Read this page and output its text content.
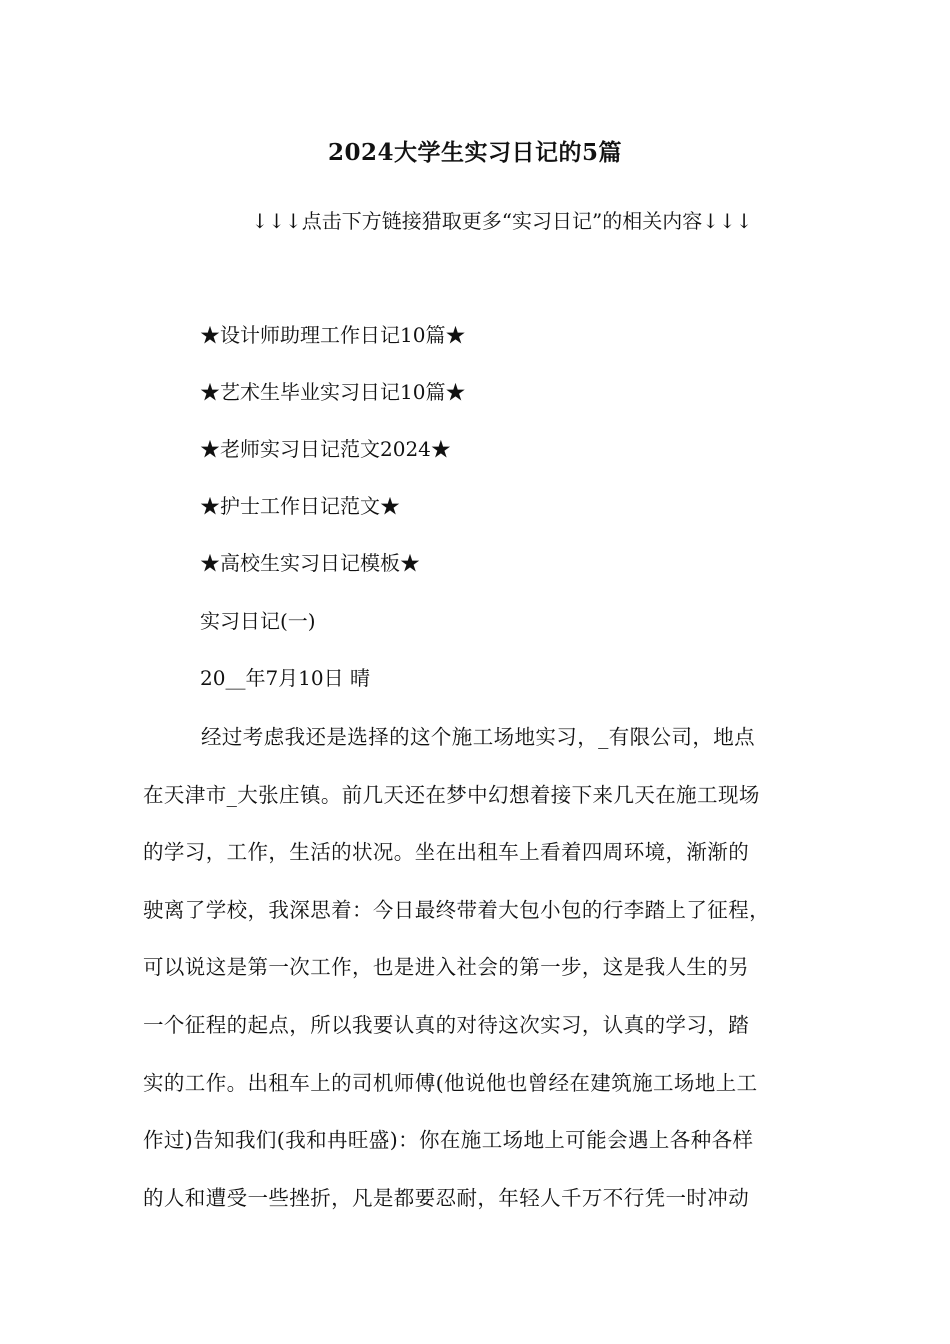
2024大学生实习日记的5篇
↓↓↓点击下方链接猎取更多“实习日记”的相关内容↓↓↓
★设计师助理工作日记10篇★
★艺术生毕业实习日记10篇★
★老师实习日记范文2024★
★护士工作日记范文★
★高校生实习日记模板★
实习日记(一)
20__年7月10日 晴
经过考虑我还是选择的这个施工场地实习，_有限公司，地点
在天津市_大张庄镇。前几天还在梦中幻想着接下来几天在施工现场
的学习，工作，生活的状况。坐在出租车上看着四周环境，渐渐的
驶离了学校，我深思着：今日最终带着大包小包的行李踏上了征程，
可以说这是第一次工作，也是进入社会的第一步，这是我人生的另
一个征程的起点，所以我要认真的对待这次实习，认真的学习，踏
实的工作。出租车上的司机师傅(他说他也曾经在建筑施工场地上工
作过)告知我们(我和冉旺盛)：你在施工场地上可能会遇上各种各样
的人和遭受一些挫折，凡是都要忍耐，年轻人千万不行凭一时冲动
